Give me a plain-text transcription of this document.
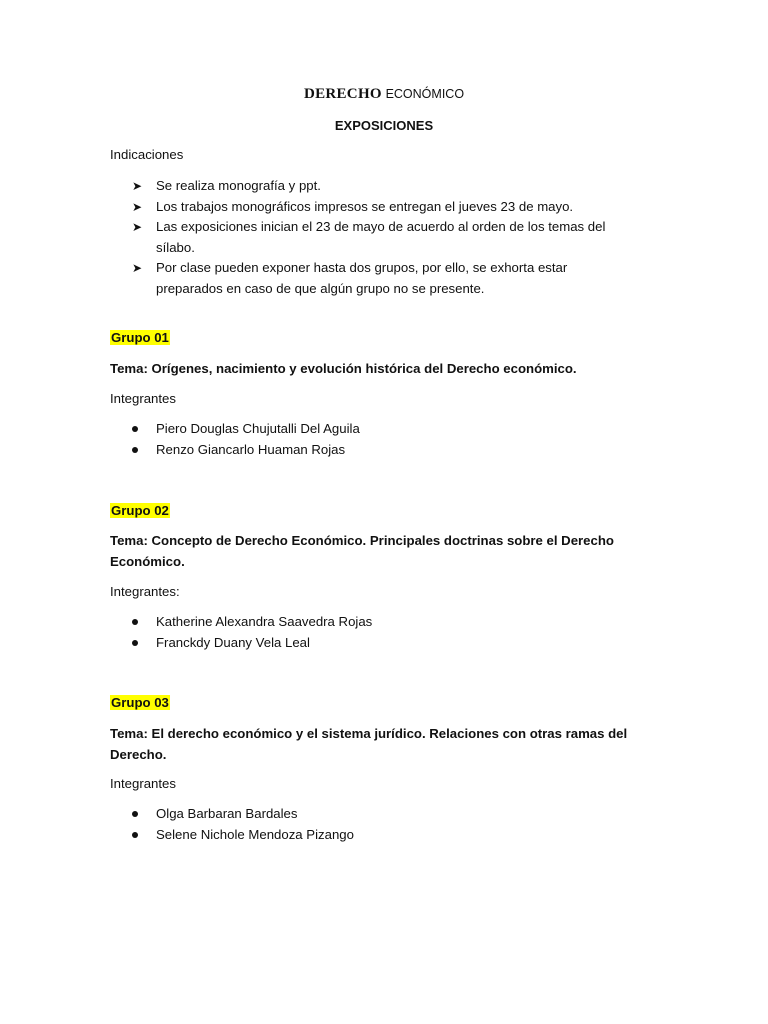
DERECHO ECONÓMICO
EXPOSICIONES
Indicaciones
➤ Se realiza monografía y ppt.
➤ Los trabajos monográficos impresos se entregan el jueves 23 de mayo.
➤ Las exposiciones inician el 23 de mayo de acuerdo al orden de los temas del
sílabo.
➤ Por clase pueden exponer hasta dos grupos, por ello, se exhorta estar
preparados en caso de que algún grupo no se presente.
Grupo 01
Tema: Orígenes, nacimiento y evolución histórica del Derecho económico.
Integrantes
Piero Douglas Chujutalli Del Aguila
Renzo Giancarlo Huaman Rojas
Grupo 02
Tema: Concepto de Derecho Económico. Principales doctrinas sobre el Derecho
Económico.
Integrantes:
Katherine Alexandra Saavedra Rojas
Franckdy Duany Vela Leal
Grupo 03
Tema: El derecho económico y el sistema jurídico. Relaciones con otras ramas del
Derecho.
Integrantes
Olga Barbaran Bardales
Selene Nichole Mendoza Pizango
